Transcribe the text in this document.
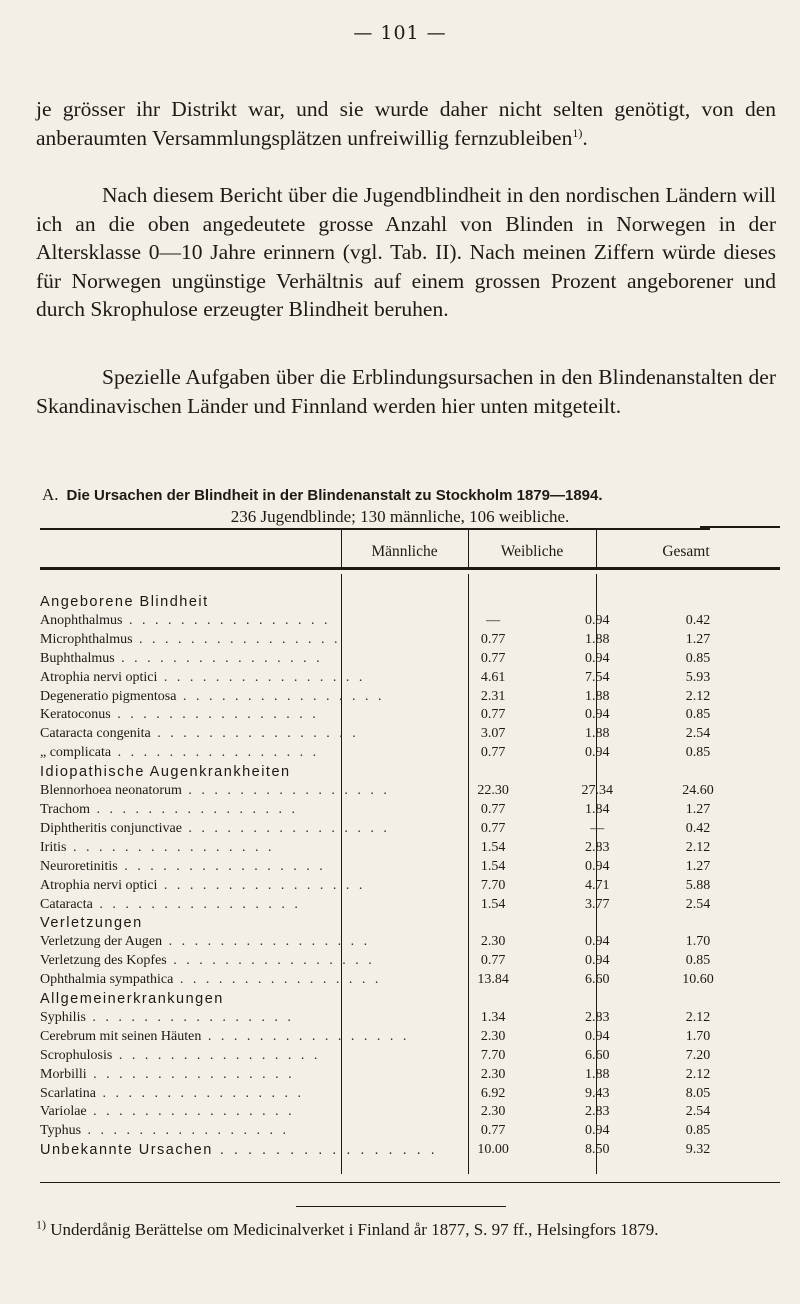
— 101 —
je grösser ihr Distrikt war, und sie wurde daher nicht selten genötigt, von den anberaumten Versammlungsplätzen unfreiwillig fernzubleiben$^{1)}$.
Nach diesem Bericht über die Jugendblindheit in den nordischen Ländern will ich an die oben angedeutete grosse Anzahl von Blinden in Norwegen in der Altersklasse 0—10 Jahre erinnern (vgl. Tab. II). Nach meinen Ziffern würde dieses für Norwegen ungünstige Verhältnis auf einem grossen Prozent angeborener und durch Skrophulose erzeugter Blindheit beruhen.
Spezielle Aufgaben über die Erblindungsursachen in den Blindenanstalten der Skandinavischen Länder und Finnland werden hier unten mitgeteilt.
A. Die Ursachen der Blindheit in der Blindenanstalt zu Stockholm 1879—1894.
236 Jugendblinde; 130 männliche, 106 weibliche.
Männliche	Weibliche	Gesamt
Angeborene Blindheit			
Anophthalmus . . . . . . . . . . . . . . . .	—	0.94	0.42
Microphthalmus . . . . . . . . . . . . . . . .	0.77	1.88	1.27
Buphthalmus . . . . . . . . . . . . . . . .	0.77	0.94	0.85
Atrophia nervi optici . . . . . . . . . . . . . . . .	4.61	7.54	5.93
Degeneratio pigmentosa . . . . . . . . . . . . . . . .	2.31	1.88	2.12
Keratoconus . . . . . . . . . . . . . . . .	0.77	0.94	0.85
Cataracta congenita . . . . . . . . . . . . . . . .	3.07	1.88	2.54
„ complicata . . . . . . . . . . . . . . . .	0.77	0.94	0.85
Idiopathische Augenkrankheiten			
Blennorhoea neonatorum . . . . . . . . . . . . . . . .	22.30	27.34	24.60
Trachom . . . . . . . . . . . . . . . .	0.77	1.84	1.27
Diphtheritis conjunctivae . . . . . . . . . . . . . . . .	0.77	—	0.42
Iritis . . . . . . . . . . . . . . . .	1.54	2.83	2.12
Neuroretinitis . . . . . . . . . . . . . . . .	1.54	0.94	1.27
Atrophia nervi optici . . . . . . . . . . . . . . . .	7.70	4.71	5.88
Cataracta . . . . . . . . . . . . . . . .	1.54	3.77	2.54
Verletzungen			
Verletzung der Augen . . . . . . . . . . . . . . . .	2.30	0.94	1.70
Verletzung des Kopfes . . . . . . . . . . . . . . . .	0.77	0.94	0.85
Ophthalmia sympathica . . . . . . . . . . . . . . . .	13.84	6.60	10.60
Allgemeinerkrankungen			
Syphilis . . . . . . . . . . . . . . . .	1.34	2.83	2.12
Cerebrum mit seinen Häuten . . . . . . . . . . . . . . . .	2.30	0.94	1.70
Scrophulosis . . . . . . . . . . . . . . . .	7.70	6.60	7.20
Morbilli . . . . . . . . . . . . . . . .	2.30	1.88	2.12
Scarlatina . . . . . . . . . . . . . . . .	6.92	9.43	8.05
Variolae . . . . . . . . . . . . . . . .	2.30	2.83	2.54
Typhus . . . . . . . . . . . . . . . .	0.77	0.94	0.85
Unbekannte Ursachen . . . . . . . . . . . . . . . .	10.00	8.50	9.32
$^{1)}$ Underdånig Berättelse om Medicinalverket i Finland år 1877, S. 97 ff., Helsingfors 1879.
